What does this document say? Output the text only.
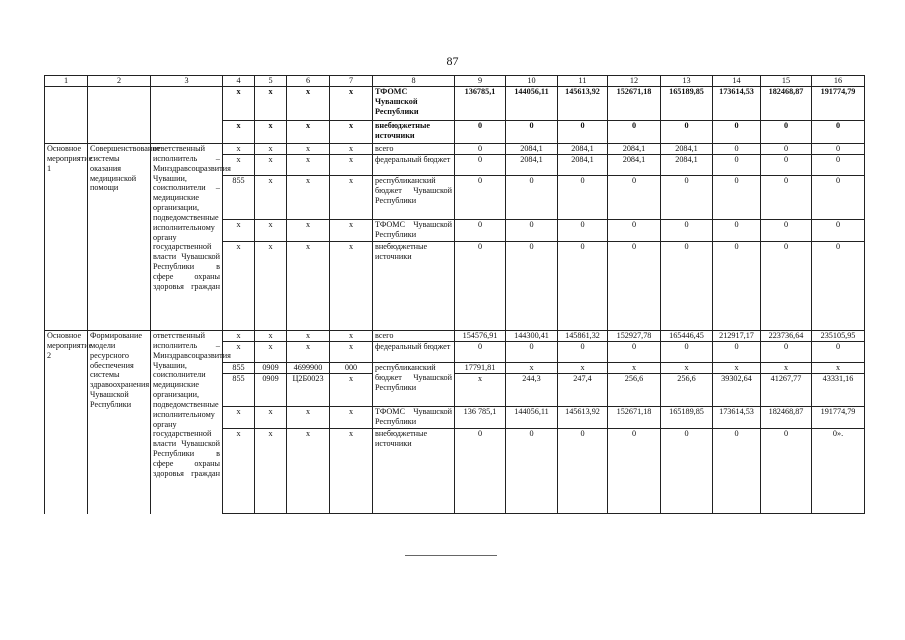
87
1	2	3	4	5	6	7	8	9	10	11	12	13	14	15	16
			x	x	x	x	ТФОМС Чувашской Республики	136785,1	144056,11	145613,92	152671,18	165189,85	173614,53	182468,87	191774,79
			x	x	x	x	внебюджетные источники	0	0	0	0	0	0	0	0
Основное мероприятие 1	Совершенствование системы оказания медицинской помощи	ответственный исполнитель – Минздравсоцразвития Чувашии, соисполнители – медицинские организации, подведомственные исполнительному органу государственной власти Чувашской Республики в сфере охраны здоровья граждан	x	x	x	x	всего	0	2084,1	2084,1	2084,1	2084,1	0	0	0
			x	x	x	x	федеральный бюджет	0	2084,1	2084,1	2084,1	2084,1	0	0	0
			855	x	x	x	республиканский бюджет Чувашской Республики	0	0	0	0	0	0	0	0
			x	x	x	x	ТФОМС Чувашской Республики	0	0	0	0	0	0	0	0
			x	x	x	x	внебюджетные источники	0	0	0	0	0	0	0	0
Основное мероприятие 2	Формирование модели ресурсного обеспечения системы здравоохранения Чувашской Республики	ответственный исполнитель – Минздравсоцразвития Чувашии, соисполнители медицинские организации, подведомственные исполнительному органу государственной власти Чувашской Республики в сфере охраны здоровья граждан	x	x	x	x	всего	154576,91	144300,41	145861,32	152927,78	165446,45	212917,17	223736,64	235105,95
			x	x	x	x	федеральный бюджет	0	0	0	0	0	0	0	0
			855	0909	4699900	000	республиканский бюджет Чувашской Республики	17791,81	x	x	x	x	x	x	x
			855	0909	Ц2Б0023	x		x	244,3	247,4	256,6	256,6	39302,64	41267,77	43331,16
			x	x	x	x	ТФОМС Чувашской Республики	136 785,1	144056,11	145613,92	152671,18	165189,85	173614,53	182468,87	191774,79
			x	x	x	x	внебюджетные источники	0	0	0	0	0	0	0	0».
